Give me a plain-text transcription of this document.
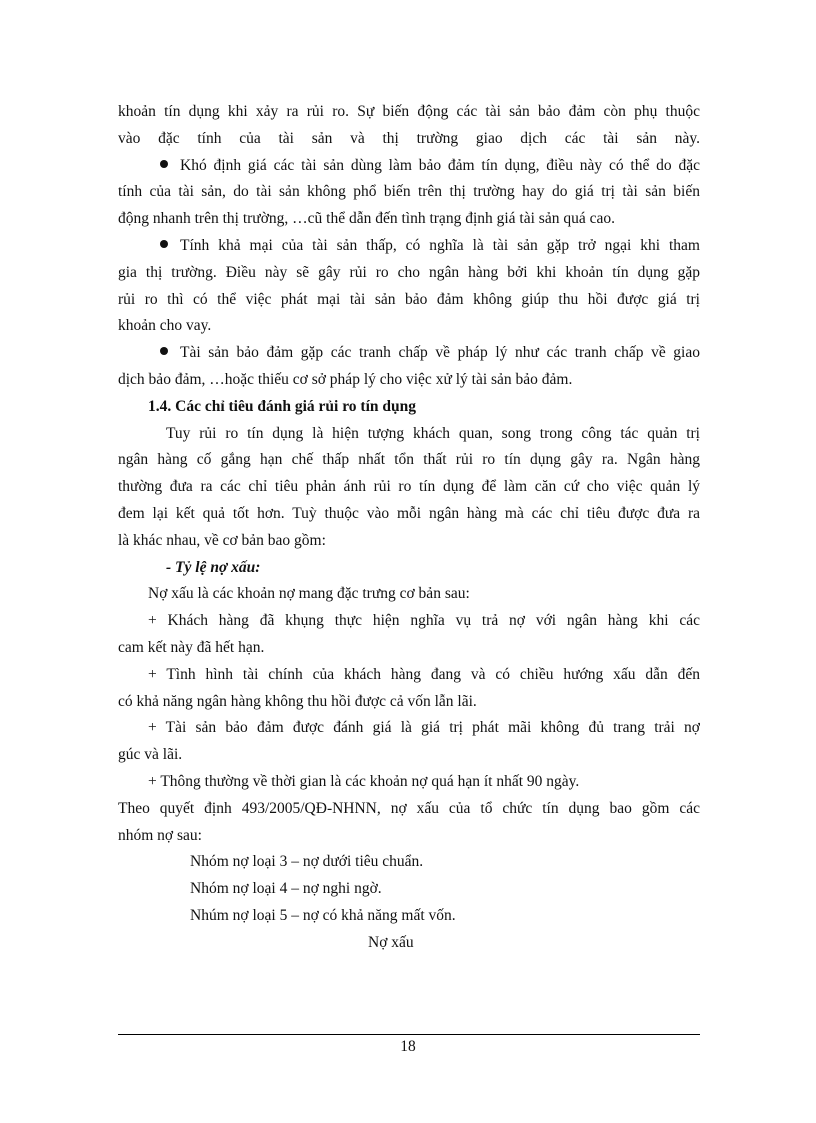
khoản tín dụng khi xảy ra rủi ro. Sự biến động các tài sản bảo đảm còn phụ thuộc
vào đặc tính của tài sản và thị trường giao dịch các tài sản này.
Khó định giá các tài sản dùng làm bảo đảm tín dụng, điều này có thể do đặc
tính của tài sản, do tài sản không phổ biến trên thị trường hay do giá trị tài sản biến
động nhanh trên thị trường, …cũ thể dẫn đến tình trạng định giá tài sản quá cao.
Tính khả mại của tài sản thấp, có nghĩa là tài sản gặp trở ngại khi tham
gia thị trường. Điều này sẽ gây rủi ro cho ngân hàng bởi khi khoản tín dụng gặp
rủi ro thì có thể việc phát mại tài sản bảo đảm không giúp thu hồi được giá trị
khoản cho vay.
Tài sản bảo đảm gặp các tranh chấp về pháp lý như các tranh chấp về giao
dịch bảo đảm, …hoặc thiếu cơ sở pháp lý cho việc xử lý tài sản bảo đảm.
1.4. Các chỉ tiêu đánh giá rủi ro tín dụng
Tuy rủi ro tín dụng là hiện tượng khách quan, song trong công tác quản trị
ngân hàng cố gắng hạn chế thấp nhất tổn thất rủi ro tín dụng gây ra. Ngân hàng
thường đưa ra các chỉ tiêu phản ánh rủi ro tín dụng để làm căn cứ cho việc quản lý
đem lại kết quả tốt hơn. Tuỳ thuộc vào mỗi ngân hàng mà các chỉ tiêu được đưa ra
là khác nhau, về cơ bản bao gồm:
- Tỷ lệ nợ xấu:
Nợ xấu là các khoản nợ mang đặc trưng cơ bản sau:
+ Khách hàng đã khụng thực hiện nghĩa vụ trả nợ với ngân hàng khi các
cam kết này đã hết hạn.
+ Tình hình tài chính của khách hàng đang và có chiều hướng xấu dẫn đến
có khả năng ngân hàng không thu hồi được cả vốn lẫn lãi.
+ Tài sản bảo đảm được đánh giá là giá trị phát mãi không đủ trang trải nợ
gúc và lãi.
+ Thông thường về thời gian là các khoản nợ quá hạn ít nhất 90 ngày.
Theo quyết định 493/2005/QĐ-NHNN, nợ xấu của tổ chức tín dụng bao gồm các
nhóm nợ sau:
Nhóm nợ loại 3 – nợ dưới tiêu chuẩn.
Nhóm nợ loại 4 – nợ nghi ngờ.
Nhúm nợ loại 5 – nợ có khả năng mất vốn.
Nợ xấu
18
